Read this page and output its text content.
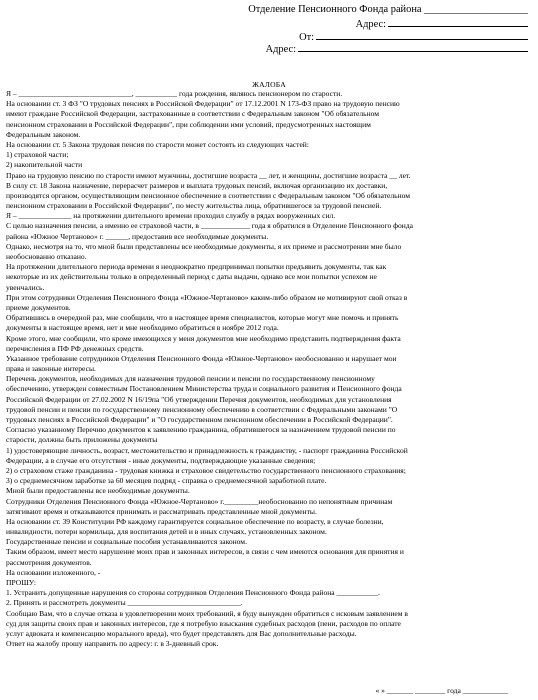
Отделение Пенсионного Фонда района ____________________
Адрес:
От:
Адрес:
ЖАЛОБА
Я – ______________________________, ___________ года рождения, являюсь пенсионером по старости.
На основании ст. 3 ФЗ "О трудовых пенсиях в Российской Федерации" от 17.12.2001 N 173-ФЗ право на трудовую пенсию
имеют граждане Российской Федерации, застрахованные в соответствии с Федеральным законом "Об обязательном
пенсионном страховании в Российской Федерации", при соблюдении ими условий, предусмотренных настоящим
Федеральным законом.
На основании ст. 5 Закона трудовая пенсия по старости может состоять из следующих частей:
1) страховой части;
2) накопительной части
Право на трудовую пенсию по старости имеют мужчины, достигшие возраста __ лет, и женщины, достигшие возраста __ лет.
В силу ст. 18 Закона назначение, перерасчет размеров и выплата трудовых пенсий, включая организацию их доставки,
производятся органом, осуществляющим пенсионное обеспечение в соответствии с Федеральным законом "Об обязательном
пенсионном страховании в Российской Федерации", по месту жительства лица, обратившегося за трудовой пенсией.
Я – ______________ на протяжении длительного времени проходил службу в рядах вооруженных сил.
С целью назначения пенсии, а именно ее страховой части, в _____________ года я обратился в Отделение Пенсионного фонда
района «Южное Чертаново» г. ______, предоставив все необходимые документы.
Однако, несмотря на то, что мной были представлены все необходимые документы, я их приеме и рассмотрении мне было
необоснованно отказано.
На протяжении длительного периода времени я неоднократно предпринимал попытки предъявить документы, так как
некоторые из их действительны только в определенный период с даты выдачи, однако все мои попытки успехом не
увенчались.
При этом сотрудники Отделения Пенсионного Фонда «Южное-Чертаново» каким-либо образом не мотивируют свой отказ в
приеме документов.
Обратившись в очередной раз, мне сообщили, что в настоящее время специалистов, которые могут мне помочь и принять
документы в настоящее время, нет и мне необходимо обратиться в ноябре 2012 года.
Кроме этого, мне сообщили, что кроме имеющихся у меня документов мне необходимо представить подтверждения факта
перечисления в ПФ РФ денежных средств.
Указанное требование сотрудников Отделения Пенсионного Фонда «Южное-Чертаново» необоснованно и нарушает мои
права и законные интересы.
Перечень документов, необходимых для назначения трудовой пенсии и пенсии по государственному пенсионному
обеспечению, утвержден совместным Постановлением Министерства труда и социального развития и Пенсионного фонда
Российской Федерации от 27.02.2002 N 16/19па "Об утверждении Перечня документов, необходимых для установления
трудовой пенсии и пенсии по государственному пенсионному обеспечению в соответствии с Федеральными законами "О
трудовых пенсиях в Российской Федерации" и "О государственном пенсионном обеспечении в Российской Федерации".
Согласно указанному Перечню документов к заявлению гражданина, обратившегося за назначением трудовой пенсии по
старости, должны быть приложены документы
1) удостоверяющие личность, возраст, местожительство и принадлежность к гражданству, - паспорт гражданина Российской
Федерации, а в случае его отсутствия - иные документы, подтверждающие указанные сведения;
2) о страховом стаже гражданина - трудовая книжка и страховое свидетельство государственного пенсионного страхования;
3) о среднемесячном заработке за 60 месяцев подряд - справка о среднемесячной заработной плате.
Мной были предоставлены все необходимые документы.
Сотрудники Отделения Пенсионного Фонда «Южное-Чертаново» г._________необоснованно по непонятным причинам
затягивают время и отказываются принимать и рассматривать представленные мной документы.
На основании ст. 39 Конституции РФ каждому гарантируется социальное обеспечение по возрасту, в случае болезни,
инвалидности, потери кормильца, для воспитания детей и в иных случаях, установленных законом.
Государственные пенсии и социальные пособия устанавливаются законом.
Таким образом, имеет место нарушение моих прав и законных интересов, в связи с чем имеются основания для принятия и
рассмотрения документов.
На основании изложенного, -
ПРОШУ:
1. Устранить допущенные нарушения со стороны сотрудников Отделения Пенсионного Фонда района ___________.
2. Принять и рассмотреть документы ______________________________.
Сообщаю Вам, что в случае отказа в удовлетворении моих требований, я буду вынужден обратиться с исковым заявлением в
суд для защиты своих прав и законных интересов, где я потребую взыскания судебных расходов (пени, расходов по оплате
услуг адвоката и компенсацию морального вреда), что будет представлять для Вас дополнительные расходы.
Ответ на жалобу прошу направить по адресу: г. в 3-дневный срок.
« » _______ ________ года ____________
